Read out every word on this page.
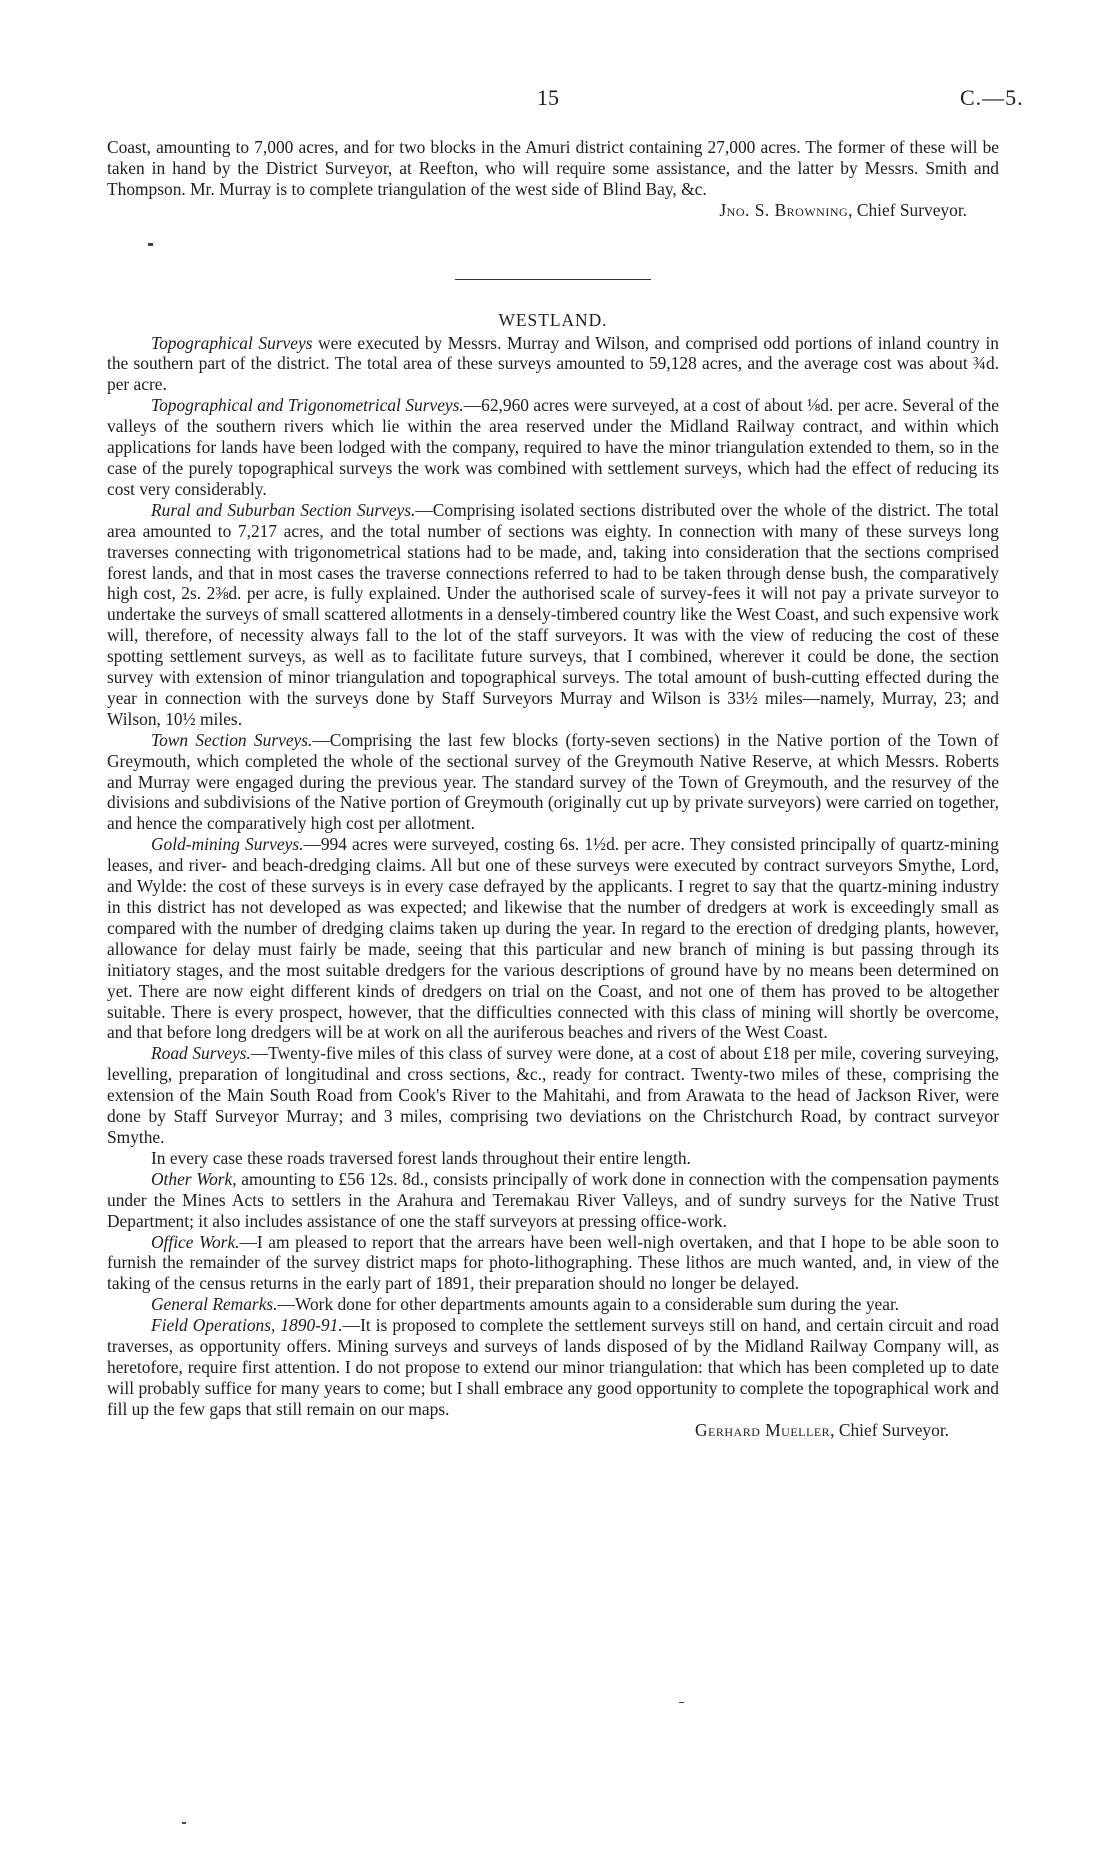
15	C.—5.

Coast, amounting to 7,000 acres, and for two blocks in the Amuri district containing 27,000 acres. The former of these will be taken in hand by the District Surveyor, at Reefton, who will require some assistance, and the latter by Messrs. Smith and Thompson. Mr. Murray is to complete triangulation of the west side of Blind Bay, &c.

Jno. S. Browning, Chief Surveyor.

WESTLAND.

Topographical Surveys were executed by Messrs. Murray and Wilson, and comprised odd portions of inland country in the southern part of the district. The total area of these surveys amounted to 59,128 acres, and the average cost was about ¾d. per acre.

Topographical and Trigonometrical Surveys.—62,960 acres were surveyed, at a cost of about ⅛d. per acre. Several of the valleys of the southern rivers which lie within the area reserved under the Midland Railway contract, and within which applications for lands have been lodged with the company, required to have the minor triangulation extended to them, so in the case of the purely topographical surveys the work was combined with settlement surveys, which had the effect of reducing its cost very considerably.

Rural and Suburban Section Surveys.—Comprising isolated sections distributed over the whole of the district. The total area amounted to 7,217 acres, and the total number of sections was eighty. In connection with many of these surveys long traverses connecting with trigonometrical stations had to be made, and, taking into consideration that the sections comprised forest lands, and that in most cases the traverse connections referred to had to be taken through dense bush, the comparatively high cost, 2s. 2⅜d. per acre, is fully explained. Under the authorised scale of survey-fees it will not pay a private surveyor to undertake the surveys of small scattered allotments in a densely-timbered country like the West Coast, and such expensive work will, therefore, of necessity always fall to the lot of the staff surveyors. It was with the view of reducing the cost of these spotting settlement surveys, as well as to facilitate future surveys, that I combined, wherever it could be done, the section survey with extension of minor triangulation and topographical surveys. The total amount of bush-cutting effected during the year in connection with the surveys done by Staff Surveyors Murray and Wilson is 33½ miles—namely, Murray, 23; and Wilson, 10½ miles.

Town Section Surveys.—Comprising the last few blocks (forty-seven sections) in the Native portion of the Town of Greymouth, which completed the whole of the sectional survey of the Greymouth Native Reserve, at which Messrs. Roberts and Murray were engaged during the previous year. The standard survey of the Town of Greymouth, and the resurvey of the divisions and subdivisions of the Native portion of Greymouth (originally cut up by private surveyors) were carried on together, and hence the comparatively high cost per allotment.

Gold-mining Surveys.—994 acres were surveyed, costing 6s. 1½d. per acre. They consisted principally of quartz-mining leases, and river- and beach-dredging claims. All but one of these surveys were executed by contract surveyors Smythe, Lord, and Wylde: the cost of these surveys is in every case defrayed by the applicants. I regret to say that the quartz-mining industry in this district has not developed as was expected; and likewise that the number of dredgers at work is exceedingly small as compared with the number of dredging claims taken up during the year. In regard to the erection of dredging plants, however, allowance for delay must fairly be made, seeing that this particular and new branch of mining is but passing through its initiatory stages, and the most suitable dredgers for the various descriptions of ground have by no means been determined on yet. There are now eight different kinds of dredgers on trial on the Coast, and not one of them has proved to be altogether suitable. There is every prospect, however, that the difficulties connected with this class of mining will shortly be overcome, and that before long dredgers will be at work on all the auriferous beaches and rivers of the West Coast.

Road Surveys.—Twenty-five miles of this class of survey were done, at a cost of about £18 per mile, covering surveying, levelling, preparation of longitudinal and cross sections, &c., ready for contract. Twenty-two miles of these, comprising the extension of the Main South Road from Cook's River to the Mahitahi, and from Arawata to the head of Jackson River, were done by Staff Surveyor Murray; and 3 miles, comprising two deviations on the Christchurch Road, by contract surveyor Smythe.

In every case these roads traversed forest lands throughout their entire length.

Other Work, amounting to £56 12s. 8d., consists principally of work done in connection with the compensation payments under the Mines Acts to settlers in the Arahura and Teremakau River Valleys, and of sundry surveys for the Native Trust Department; it also includes assistance of one the staff surveyors at pressing office-work.

Office Work.—I am pleased to report that the arrears have been well-nigh overtaken, and that I hope to be able soon to furnish the remainder of the survey district maps for photo-lithographing. These lithos are much wanted, and, in view of the taking of the census returns in the early part of 1891, their preparation should no longer be delayed.

General Remarks.—Work done for other departments amounts again to a considerable sum during the year.

Field Operations, 1890-91.—It is proposed to complete the settlement surveys still on hand, and certain circuit and road traverses, as opportunity offers. Mining surveys and surveys of lands disposed of by the Midland Railway Company will, as heretofore, require first attention. I do not propose to extend our minor triangulation: that which has been completed up to date will probably suffice for many years to come; but I shall embrace any good opportunity to complete the topographical work and fill up the few gaps that still remain on our maps.

Gerhard Mueller, Chief Surveyor.
